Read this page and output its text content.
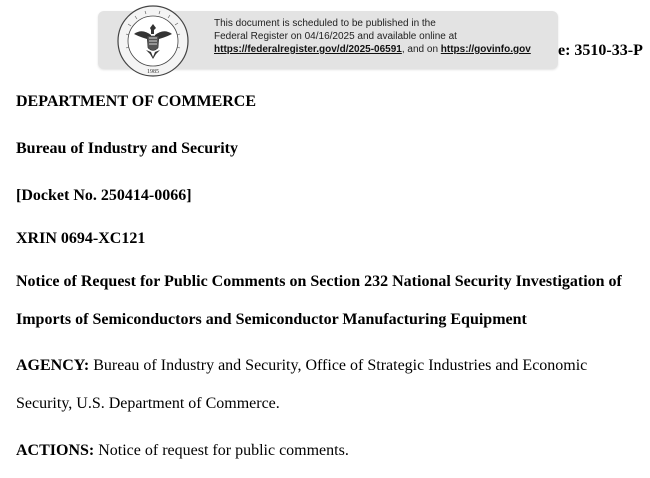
1985
This document is scheduled to be published in the
Federal Register on 04/16/2025 and available online at
https://federalregister.gov/d/2025-06591, and on https://govinfo.gov	e: 3510-33-P
DEPARTMENT OF COMMERCE
Bureau of Industry and Security
[Docket No. 250414-0066]
XRIN 0694-XC121
Notice of Request for Public Comments on Section 232 National Security Investigation of
Imports of Semiconductors and Semiconductor Manufacturing Equipment
AGENCY: Bureau of Industry and Security, Office of Strategic Industries and Economic
Security, U.S. Department of Commerce.
ACTIONS: Notice of request for public comments.
